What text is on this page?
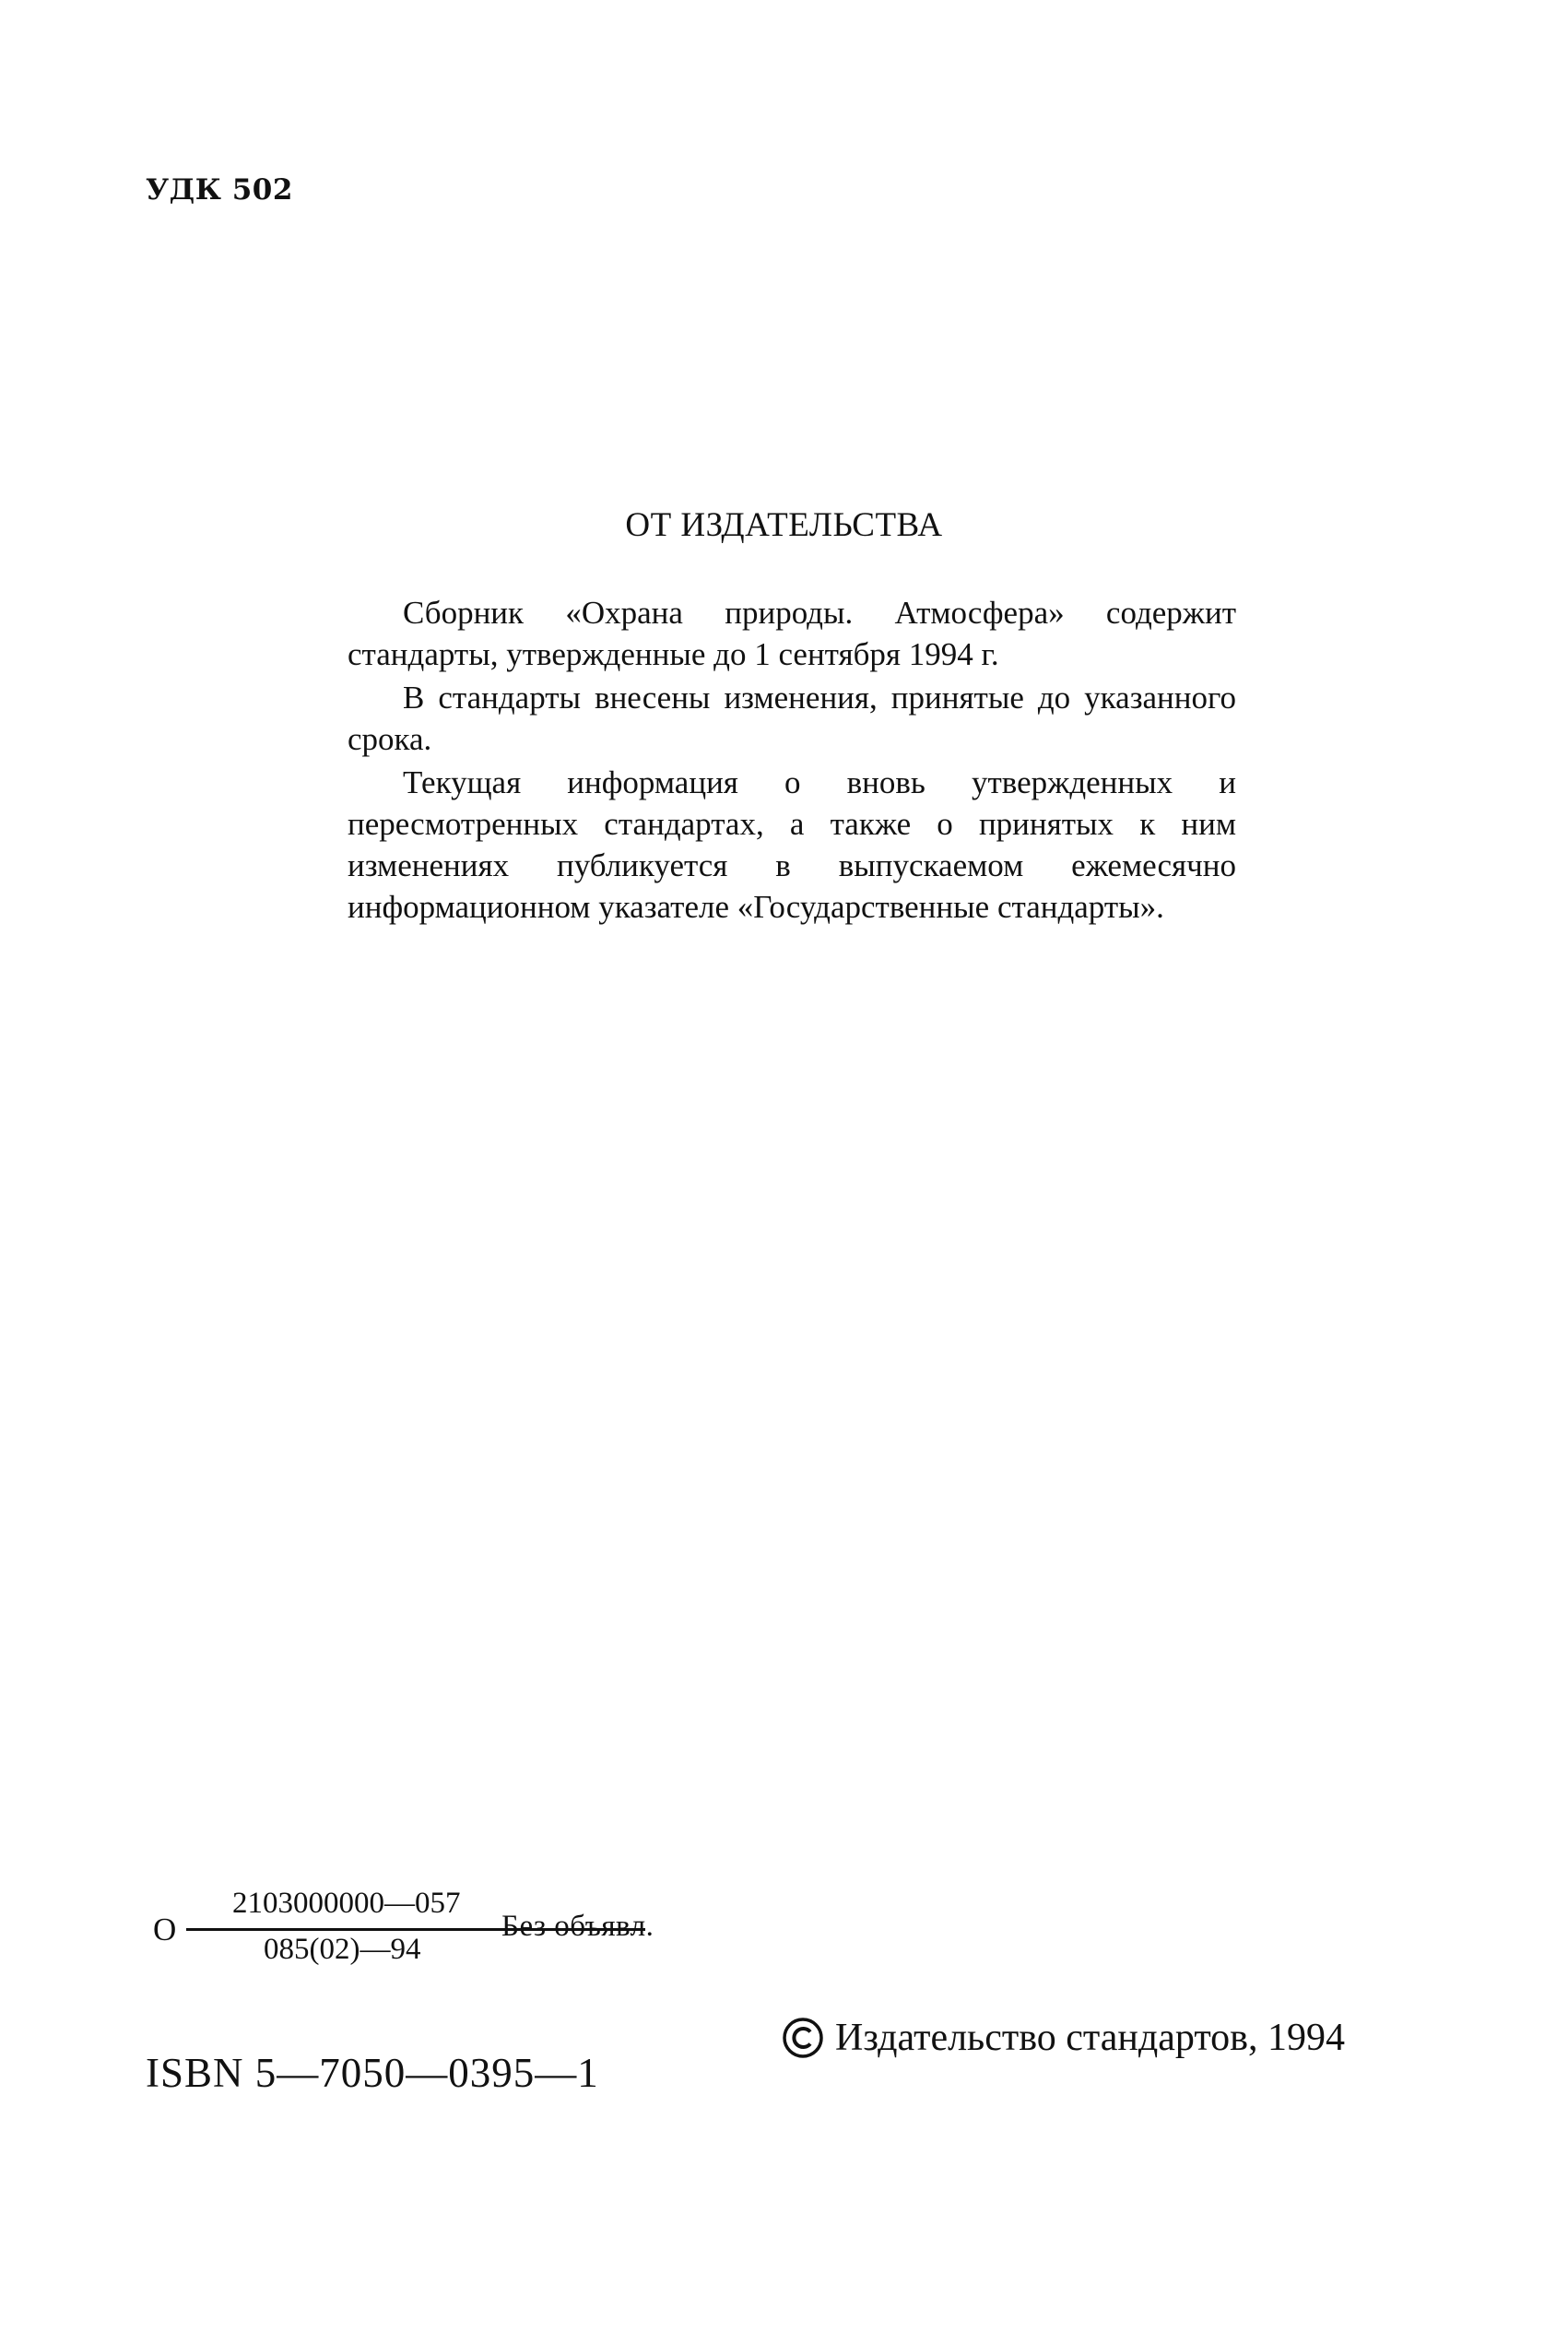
УДК 502
ОТ ИЗДАТЕЛЬСТВА

Сборник «Охрана природы. Атмосфера» содержит стандарты, утвержденные до 1 сентября 1994 г.

В стандарты внесены изменения, принятые до указанного срока.

Текущая информация о вновь утвержденных и пересмотренных стандартах, а также о принятых к ним изменениях публикуется в выпускаемом ежемесячно информационном указателе «Государственные стандарты».

О
2103000000—057
085(02)—94
Без объявл.
Издательство стандартов, 1994
ISBN 5—7050—0395—1
